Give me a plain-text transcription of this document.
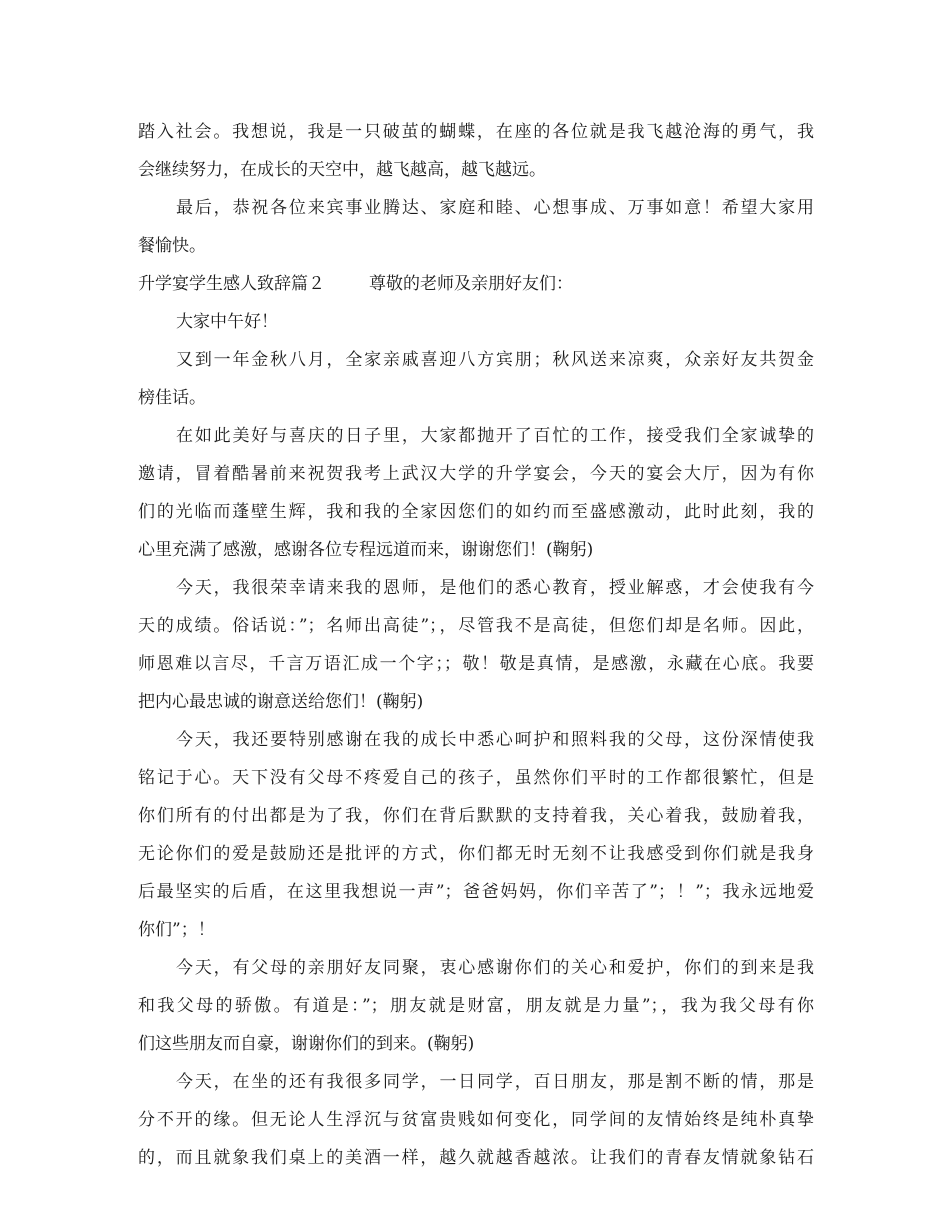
踏入社会。我想说，我是一只破茧的蝴蝶，在座的各位就是我飞越沧海的勇气，我
会继续努力，在成长的天空中，越飞越高，越飞越远。
最后，恭祝各位来宾事业腾达、家庭和睦、心想事成、万事如意！希望大家用
餐愉快。
升学宴学生感人致辞篇２	尊敬的老师及亲朋好友们：
大家中午好！
又到一年金秋八月，全家亲戚喜迎八方宾朋；秋风送来凉爽，众亲好友共贺金
榜佳话。
在如此美好与喜庆的日子里，大家都抛开了百忙的工作，接受我们全家诚挚的
邀请，冒着酷暑前来祝贺我考上武汉大学的升学宴会，今天的宴会大厅，因为有你
们的光临而蓬壁生辉，我和我的全家因您们的如约而至盛感激动，此时此刻，我的
心里充满了感激，感谢各位专程远道而来，谢谢您们！(鞠躬)
今天，我很荣幸请来我的恩师，是他们的悉心教育，授业解惑，才会使我有今
天的成绩。俗话说：”；名师出高徒”；，尽管我不是高徒，但您们却是名师。因此，
师恩难以言尽，千言万语汇成一个字；；敬！敬是真情，是感激，永藏在心底。我要
把内心最忠诚的谢意送给您们！(鞠躬)
今天，我还要特别感谢在我的成长中悉心呵护和照料我的父母，这份深情使我
铭记于心。天下没有父母不疼爱自己的孩子，虽然你们平时的工作都很繁忙，但是
你们所有的付出都是为了我，你们在背后默默的支持着我，关心着我，鼓励着我，
无论你们的爱是鼓励还是批评的方式，你们都无时无刻不让我感受到你们就是我身
后最坚实的后盾，在这里我想说一声”；爸爸妈妈，你们辛苦了”；！”；我永远地爱
你们”；！
今天，有父母的亲朋好友同聚，衷心感谢你们的关心和爱护，你们的到来是我
和我父母的骄傲。有道是：”；朋友就是财富，朋友就是力量”；，我为我父母有你
们这些朋友而自豪，谢谢你们的到来。(鞠躬)
今天，在坐的还有我很多同学，一日同学，百日朋友，那是割不断的情，那是
分不开的缘。但无论人生浮沉与贫富贵贱如何变化，同学间的友情始终是纯朴真挚
的，而且就象我们桌上的美酒一样，越久就越香越浓。让我们的青春友情就象钻石
